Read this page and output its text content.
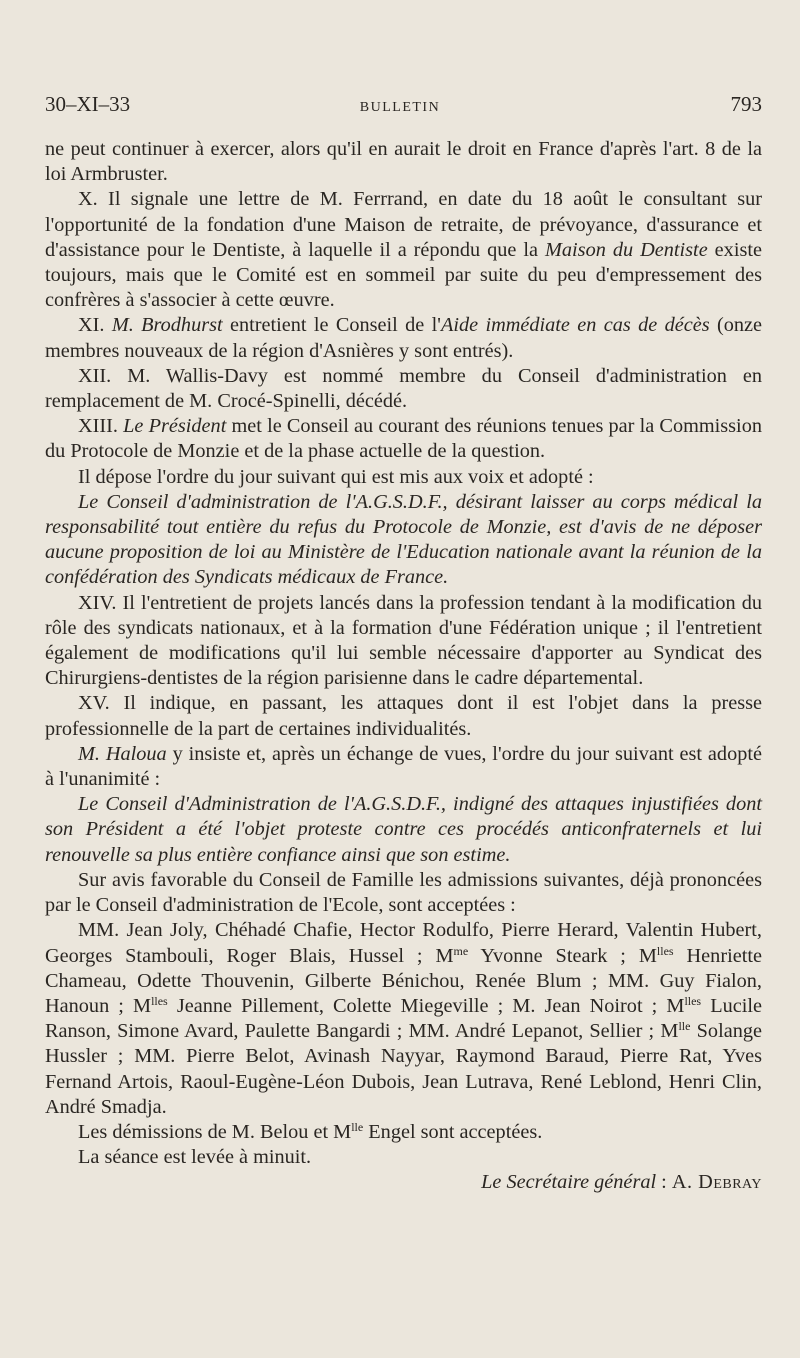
30–XI–33	BULLETIN	793

ne peut continuer à exercer, alors qu'il en aurait le droit en France d'après l'art. 8 de la loi Armbruster.

X. Il signale une lettre de M. Ferrrand, en date du 18 août le consultant sur l'opportunité de la fondation d'une Maison de retraite, de prévoyance, d'assurance et d'assistance pour le Dentiste, à laquelle il a répondu que la Maison du Dentiste existe toujours, mais que le Comité est en sommeil par suite du peu d'empressement des confrères à s'associer à cette œuvre.

XI. M. Brodhurst entretient le Conseil de l'Aide immédiate en cas de décès (onze membres nouveaux de la région d'Asnières y sont entrés).

XII. M. Wallis-Davy est nommé membre du Conseil d'administration en remplacement de M. Crocé-Spinelli, décédé.

XIII. Le Président met le Conseil au courant des réunions tenues par la Commission du Protocole de Monzie et de la phase actuelle de la question.

Il dépose l'ordre du jour suivant qui est mis aux voix et adopté :

Le Conseil d'administration de l'A.G.S.D.F., désirant laisser au corps médical la responsabilité tout entière du refus du Protocole de Monzie, est d'avis de ne déposer aucune proposition de loi au Ministère de l'Education nationale avant la réunion de la confédération des Syndicats médicaux de France.

XIV. Il l'entretient de projets lancés dans la profession tendant à la modification du rôle des syndicats nationaux, et à la formation d'une Fédération unique ; il l'entretient également de modifications qu'il lui semble nécessaire d'apporter au Syndicat des Chirurgiens-dentistes de la région parisienne dans le cadre départemental.

XV. Il indique, en passant, les attaques dont il est l'objet dans la presse professionnelle de la part de certaines individualités.

M. Haloua y insiste et, après un échange de vues, l'ordre du jour suivant est adopté à l'unanimité :

Le Conseil d'Administration de l'A.G.S.D.F., indigné des attaques injustifiées dont son Président a été l'objet proteste contre ces procédés anticonfraternels et lui renouvelle sa plus entière confiance ainsi que son estime.

Sur avis favorable du Conseil de Famille les admissions suivantes, déjà prononcées par le Conseil d'administration de l'Ecole, sont acceptées :

MM. Jean Joly, Chéhadé Chafie, Hector Rodulfo, Pierre Herard, Valentin Hubert, Georges Stambouli, Roger Blais, Hussel ; $M^{me}$ Yvonne Steark ; $M^{lles}$ Henriette Chameau, Odette Thouvenin, Gilberte Bénichou, Renée Blum ; MM. Guy Fialon, Hanoun ; $M^{lles}$ Jeanne Pillement, Colette Miegeville ; M. Jean Noirot ; $M^{lles}$ Lucile Ranson, Simone Avard, Paulette Bangardi ; MM. André Lepanot, Sellier ; $M^{lle}$ Solange Hussler ; MM. Pierre Belot, Avinash Nayyar, Raymond Baraud, Pierre Rat, Yves Fernand Artois, Raoul-Eugène-Léon Dubois, Jean Lutrava, René Leblond, Henri Clin, André Smadja.

Les démissions de M. Belou et $M^{lle}$ Engel sont acceptées.

La séance est levée à minuit.

Le Secrétaire général : A. Debray
